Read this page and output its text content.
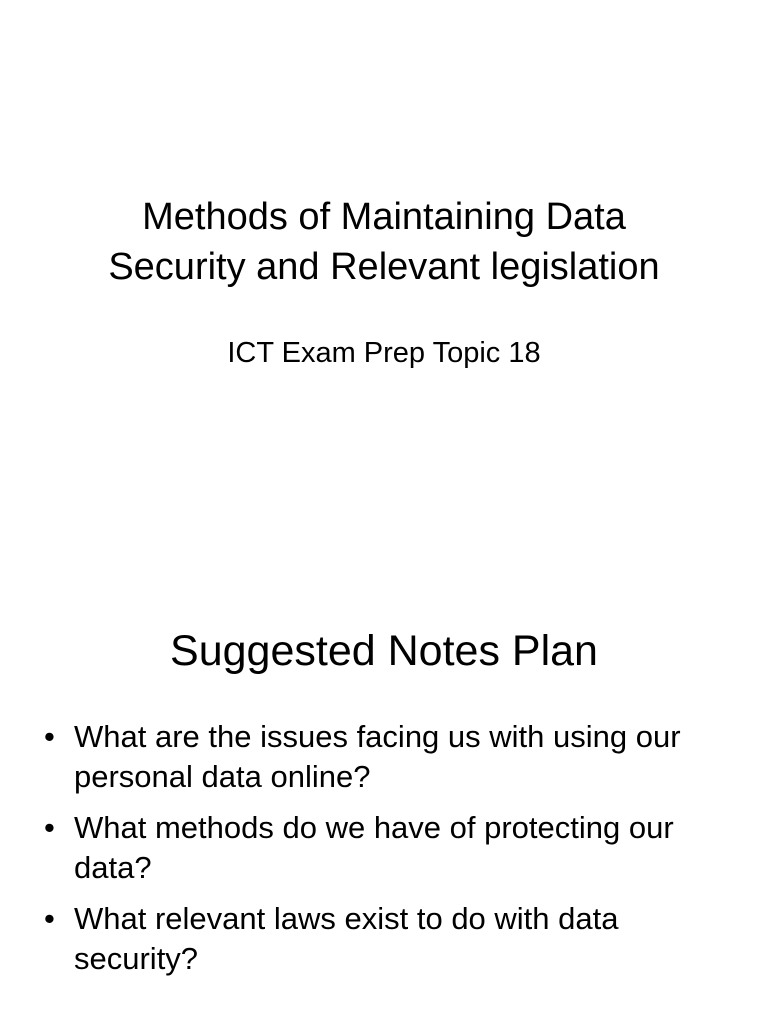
Methods of Maintaining Data
Security and Relevant legislation

ICT Exam Prep Topic 18

Suggested Notes Plan
• What are the issues facing us with using our personal data online?
• What methods do we have of protecting our data?
• What relevant laws exist to do with data security?
